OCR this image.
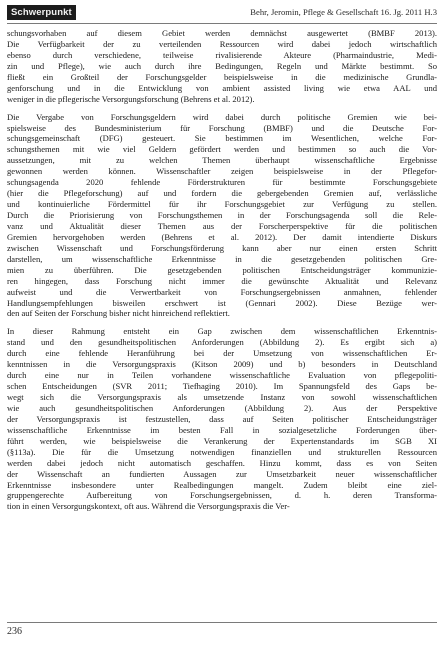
Schwerpunkt	Behr, Jeromin, Pflege & Gesellschaft 16. Jg. 2011 H.3

schungsvorhaben auf diesem Gebiet werden demnächst ausgewertet (BMBF 2013).
Die Verfügbarkeit der zu verteilenden Ressourcen wird dabei jedoch wirtschaftlich
ebenso durch verschiedene, teilweise rivalisierende Akteure (Pharmaindustrie, Medi-
zin und Pflege), wie auch durch ihre Bedingungen, Regeln und Märkte bestimmt. So
fließt ein Großteil der Forschungsgelder beispielsweise in die medizinische Grundla-
genforschung und in die Entwicklung von ambient assisted living wie etwa AAL und
weniger in die pflegerische Versorgungsforschung (Behrens et al. 2012).

Die Vergabe von Forschungsgeldern wird dabei durch politische Gremien wie bei-
spielsweise des Bundesministerium für Forschung (BMBF) und die Deutsche For-
schungsgemeinschaft (DFG) gesteuert. Sie bestimmen im Wesentlichen, welche For-
schungsthemen mit wie viel Geldern gefördert werden und bestimmen so auch die Vor-
aussetzungen, mit zu welchen Themen überhaupt wissenschaftliche Ergebnisse
gewonnen werden können. Wissenschaftler zeigen beispielsweise in der Pflegefor-
schungsagenda 2020 fehlende Förderstrukturen für bestimmte Forschungsgebiete
(hier die Pflegeforschung) auf und fordern die gebergebenden Gremien auf, verlässliche
und kontinuierliche Fördermittel für ihr Forschungsgebiet zur Verfügung zu stellen.
Durch die Priorisierung von Forschungsthemen in der Forschungsagenda soll die Rele-
vanz und Aktualität dieser Themen aus der Forscherperspektive für die politischen
Gremien hervorgehoben werden (Behrens et al. 2012). Der damit intendierte Diskurs
zwischen Wissenschaft und Forschungsförderung kann aber nur einen ersten Schritt
darstellen, um wissenschaftliche Erkenntnisse in die gesetzgebenden politischen Gre-
mien zu überführen. Die gesetzgebenden politischen Entscheidungsträger kommunizie-
ren hingegen, dass Forschung nicht immer die gewünschte Aktualität und Relevanz
aufweist und die Verwertbarkeit von Forschungsergebnissen anmahnen, fehlender
Handlungsempfehlungen bisweilen erschwert ist (Gennari 2002). Diese Bezüge wer-
den auf Seiten der Forschung bisher nicht hinreichend reflektiert.

In dieser Rahmung entsteht ein Gap zwischen dem wissenschaftlichen Erkenntnis-
stand und den gesundheitspolitischen Anforderungen (Abbildung 2). Es ergibt sich a)
durch eine fehlende Heranführung bei der Umsetzung von wissenschaftlichen Er-
kenntnissen in die Versorgungspraxis (Kitson 2009) und b) besonders in Deutschland
durch eine nur in Teilen vorhandene wissenschaftliche Evaluation von pflegepoliti-
schen Entscheidungen (SVR 2011; Tiefhaging 2010). Im Spannungsfeld des Gaps be-
wegt sich die Versorgungspraxis als umsetzende Instanz von sowohl wissenschaftlichen
wie auch gesundheitspolitischen Anforderungen (Abbildung 2). Aus der Perspektive
der Versorgungspraxis ist festzustellen, dass auf Seiten politischer Entscheidungsträger
wissenschaftliche Erkenntnisse im besten Fall in sozialgesetzliche Forderungen über-
führt werden, wie beispielsweise die Verankerung der Expertenstandards im SGB XI
(§113a). Die für die Umsetzung notwendigen finanziellen und strukturellen Ressourcen
werden dabei jedoch nicht automatisch geschaffen. Hinzu kommt, dass es von Seiten
der Wissenschaft an fundierten Aussagen zur Umsetzbarkeit neuer wissenschaftlicher
Erkenntnisse insbesondere unter Realbedingungen mangelt. Zudem bleibt eine ziel-
gruppengerechte Aufbereitung von Forschungsergebnissen, d. h. deren Transforma-
tion in einen Versorgungskontext, oft aus. Während die Versorgungspraxis die Ver-

236
